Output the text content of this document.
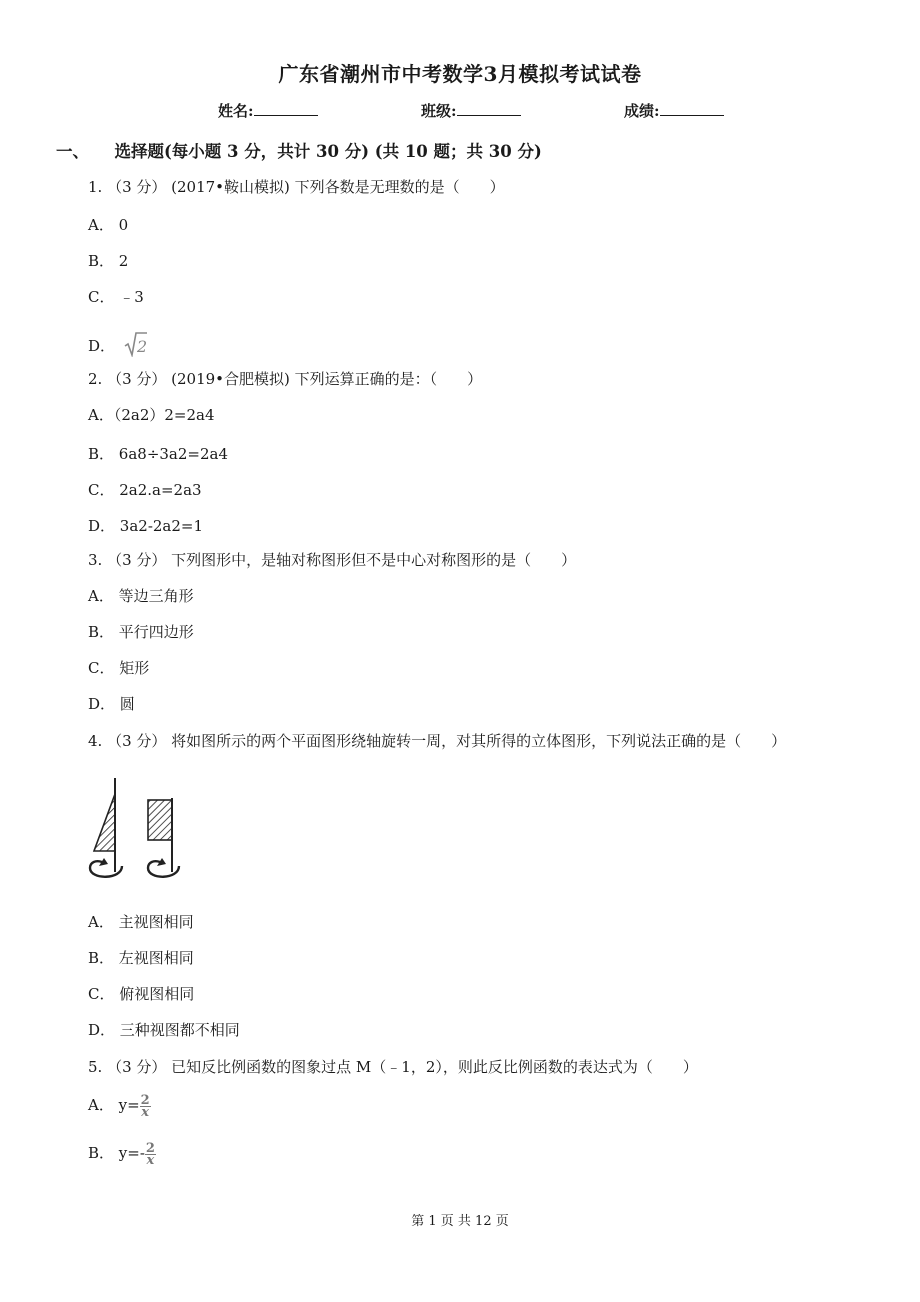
广东省潮州市中考数学3月模拟考试试卷
姓名:	班级:	成绩:
一、 选择题(每小题 3 分，共计 30 分) (共 10 题；共 30 分)
1. （3 分） (2017•鞍山模拟) 下列各数是无理数的是（　　）
A． 0
B． 2
C． ﹣3
D． 2
2. （3 分） (2019•合肥模拟) 下列运算正确的是：（　　）
A．（2a2）2=2a4
B． 6a8÷3a2=2a4
C． 2a2.a=2a3
D． 3a2-2a2=1
3. （3 分） 下列图形中，是轴对称图形但不是中心对称图形的是（　　）
A． 等边三角形
B． 平行四边形
C． 矩形
D． 圆
4. （3 分） 将如图所示的两个平面图形绕轴旋转一周，对其所得的立体图形，下列说法正确的是（　　）
A． 主视图相同
B． 左视图相同
C． 俯视图相同
D． 三种视图都不相同
5. （3 分） 已知反比例函数的图象过点 M（﹣1，2），则此反比例函数的表达式为（　　）
A． $y= \frac{2}{x}$
B． $y=- \frac{2}{x}$
第 1 页 共 12 页
